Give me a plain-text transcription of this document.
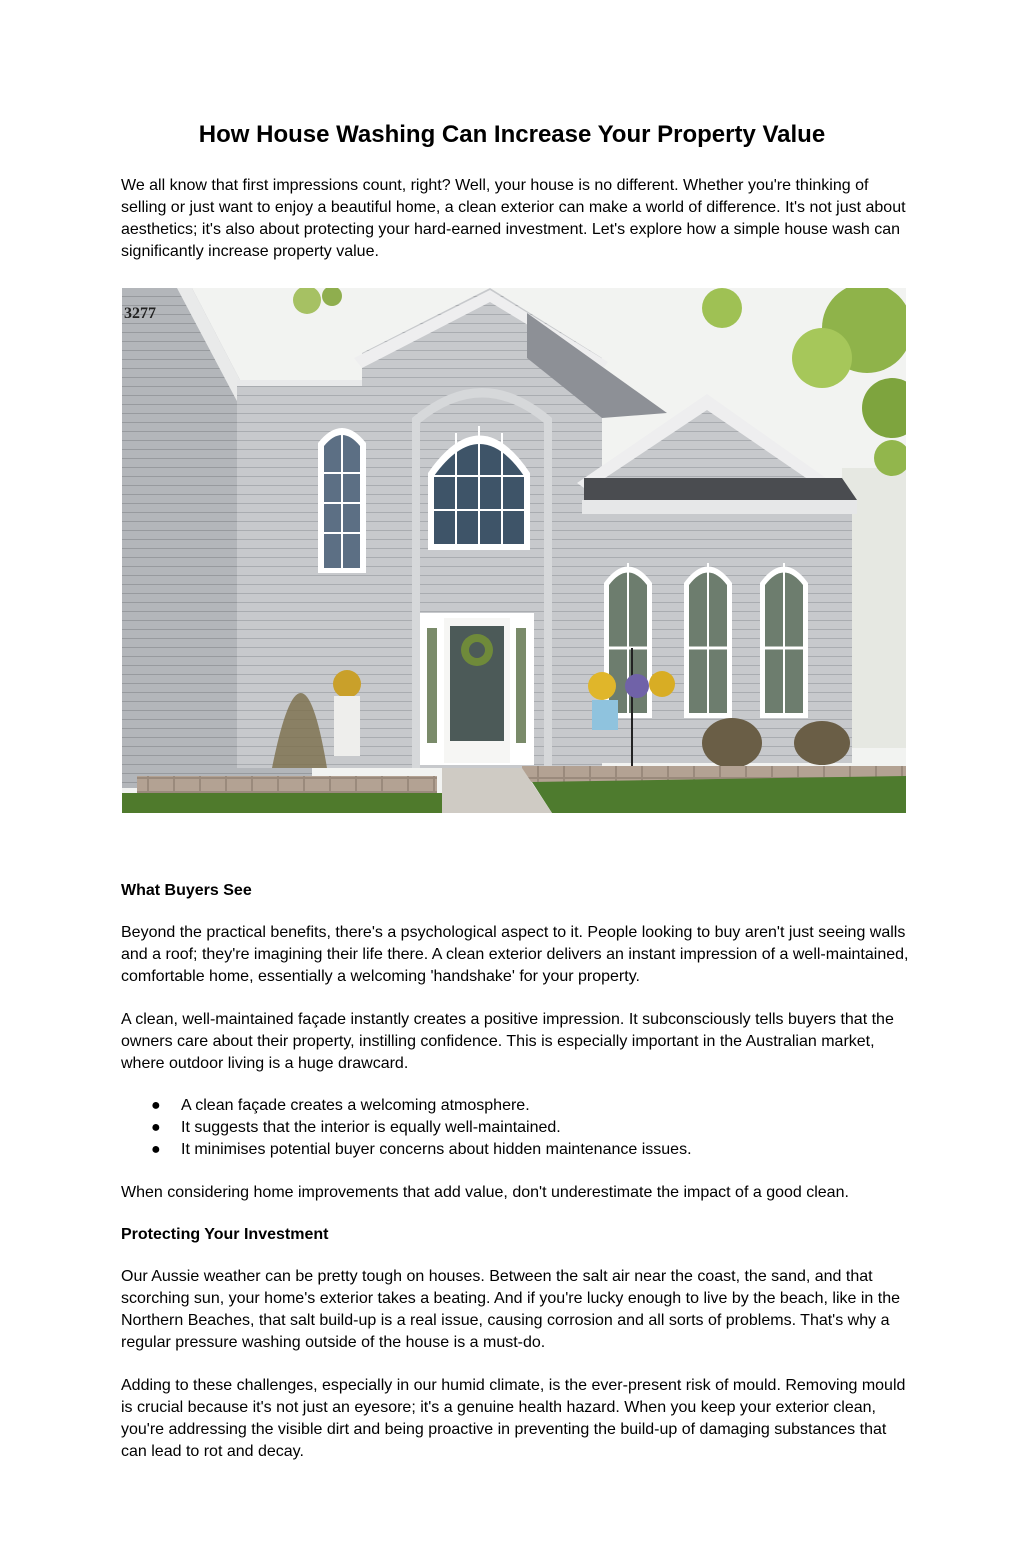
How House Washing Can Increase Your Property Value

We all know that first impressions count, right? Well, your house is no different. Whether you're thinking of selling or just want to enjoy a beautiful home, a clean exterior can make a world of difference. It's not just about aesthetics; it's also about protecting your hard-earned investment. Let's explore how a simple house wash can significantly increase property value.

3277

What Buyers See

Beyond the practical benefits, there's a psychological aspect to it. People looking to buy aren't just seeing walls and a roof; they're imagining their life there. A clean exterior delivers an instant impression of a well-maintained, comfortable home, essentially a welcoming 'handshake' for your property.

A clean, well-maintained façade instantly creates a positive impression. It subconsciously tells buyers that the owners care about their property, instilling confidence. This is especially important in the Australian market, where outdoor living is a huge drawcard.

● A clean façade creates a welcoming atmosphere.
● It suggests that the interior is equally well-maintained.
● It minimises potential buyer concerns about hidden maintenance issues.

When considering home improvements that add value, don't underestimate the impact of a good clean.

Protecting Your Investment

Our Aussie weather can be pretty tough on houses. Between the salt air near the coast, the sand, and that scorching sun, your home's exterior takes a beating. And if you're lucky enough to live by the beach, like in the Northern Beaches, that salt build-up is a real issue, causing corrosion and all sorts of problems. That's why a regular pressure washing outside of the house is a must-do.

Adding to these challenges, especially in our humid climate, is the ever-present risk of mould. Removing mould is crucial because it's not just an eyesore; it's a genuine health hazard. When you keep your exterior clean, you're addressing the visible dirt and being proactive in preventing the build-up of damaging substances that can lead to rot and decay.
